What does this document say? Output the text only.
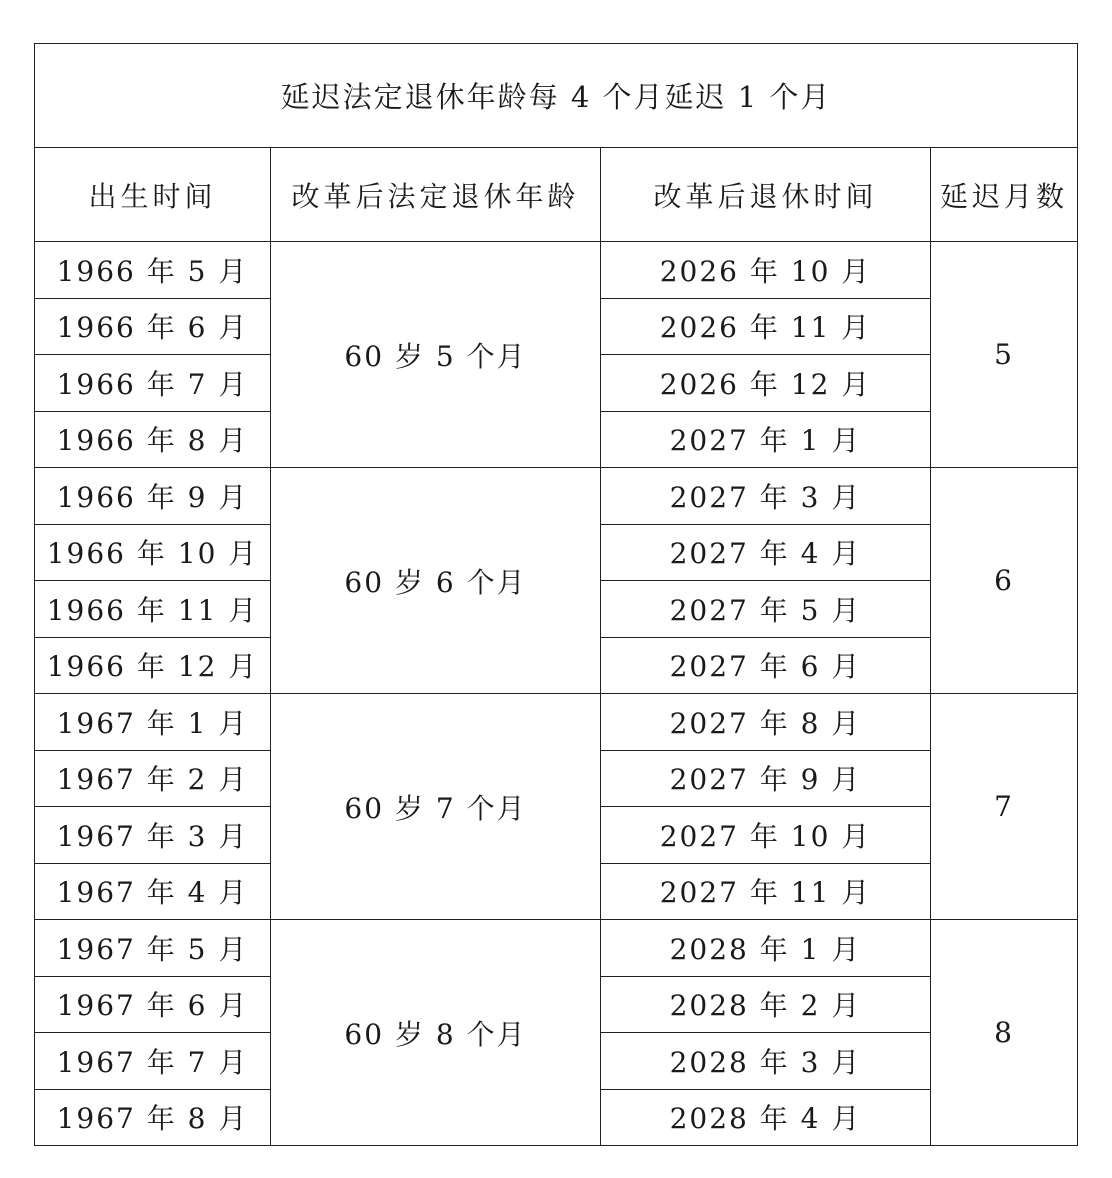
延迟法定退休年龄每 4 个月延迟 1 个月			
出生时间	改革后法定退休年龄	改革后退休时间	延迟月数
1966 年 5 月	60 岁 5 个月	2026 年 10 月	5
1966 年 6 月		2026 年 11 月	
1966 年 7 月		2026 年 12 月	
1966 年 8 月		2027 年 1 月	
1966 年 9 月	60 岁 6 个月	2027 年 3 月	6
1966 年 10 月		2027 年 4 月	
1966 年 11 月		2027 年 5 月	
1966 年 12 月		2027 年 6 月	
1967 年 1 月	60 岁 7 个月	2027 年 8 月	7
1967 年 2 月		2027 年 9 月	
1967 年 3 月		2027 年 10 月	
1967 年 4 月		2027 年 11 月	
1967 年 5 月	60 岁 8 个月	2028 年 1 月	8
1967 年 6 月		2028 年 2 月	
1967 年 7 月		2028 年 3 月	
1967 年 8 月		2028 年 4 月	
